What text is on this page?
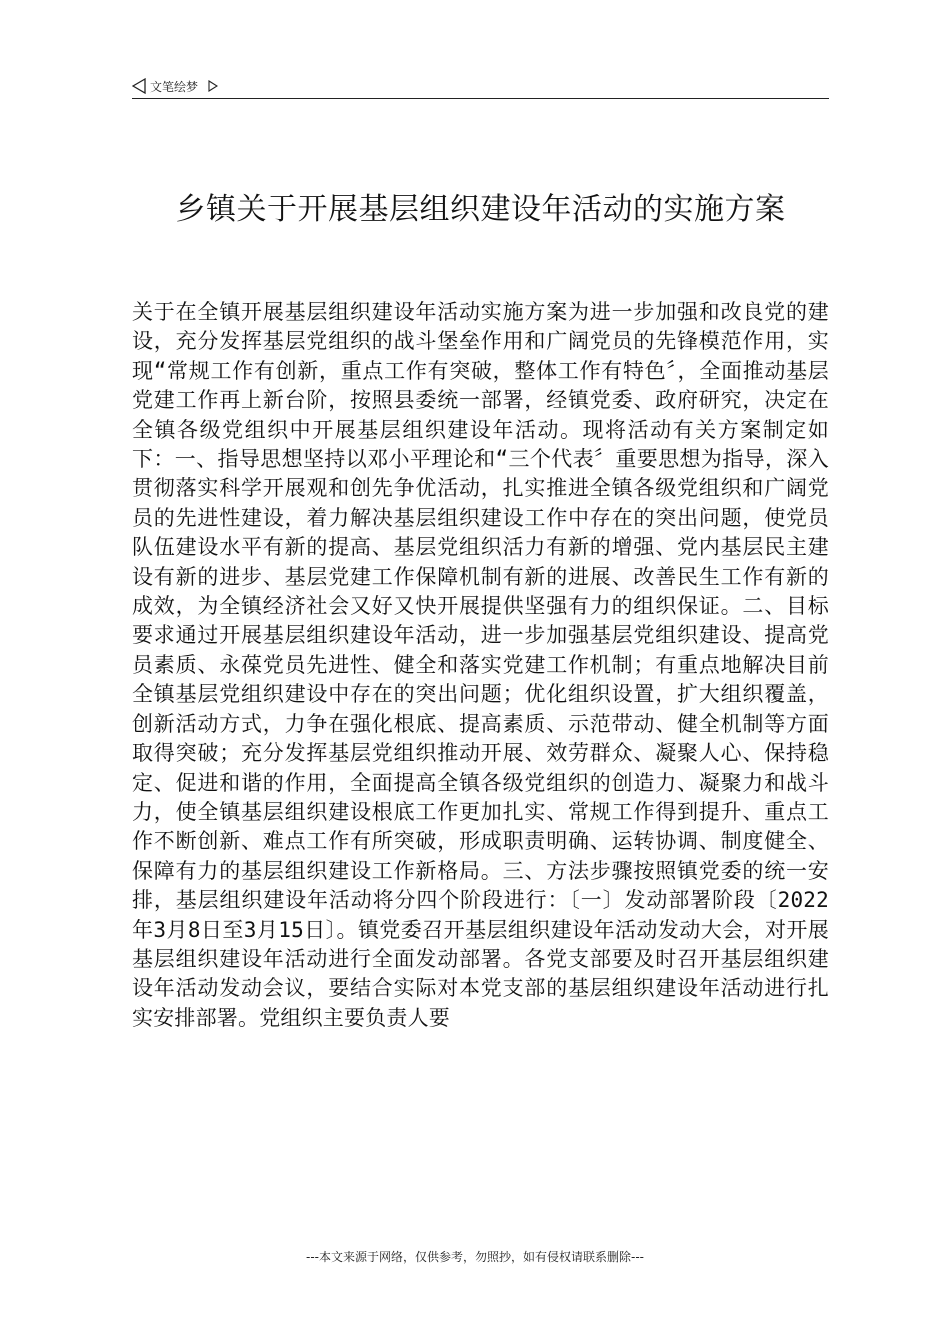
文笔绘梦
乡镇关于开展基层组织建设年活动的实施方案

关于在全镇开展基层组织建设年活动实施方案为进一步加强和改良党的建设，充分发挥基层党组织的战斗堡垒作用和广阔党员的先锋模范作用，实现“常规工作有创新，重点工作有突破，整体工作有特色〞，全面推动基层党建工作再上新台阶，按照县委统一部署，经镇党委、政府研究，决定在全镇各级党组织中开展基层组织建设年活动。现将活动有关方案制定如下：一、指导思想坚持以邓小平理论和“三个代表〞重要思想为指导，深入贯彻落实科学开展观和创先争优活动，扎实推进全镇各级党组织和广阔党员的先进性建设，着力解决基层组织建设工作中存在的突出问题，使党员队伍建设水平有新的提高、基层党组织活力有新的增强、党内基层民主建设有新的进步、基层党建工作保障机制有新的进展、改善民生工作有新的成效，为全镇经济社会又好又快开展提供坚强有力的组织保证。二、目标要求通过开展基层组织建设年活动，进一步加强基层党组织建设、提高党员素质、永葆党员先进性、健全和落实党建工作机制；有重点地解决目前全镇基层党组织建设中存在的突出问题；优化组织设置，扩大组织覆盖，创新活动方式，力争在强化根底、提高素质、示范带动、健全机制等方面取得突破；充分发挥基层党组织推动开展、效劳群众、凝聚人心、保持稳定、促进和谐的作用，全面提高全镇各级党组织的创造力、凝聚力和战斗力，使全镇基层组织建设根底工作更加扎实、常规工作得到提升、重点工作不断创新、难点工作有所突破，形成职责明确、运转协调、制度健全、保障有力的基层组织建设工作新格局。三、方法步骤按照镇党委的统一安排，基层组织建设年活动将分四个阶段进行：〔一〕发动部署阶段〔2022年3月8日至3月15日〕。镇党委召开基层组织建设年活动发动大会，对开展基层组织建设年活动进行全面发动部署。各党支部要及时召开基层组织建设年活动发动会议，要结合实际对本党支部的基层组织建设年活动进行扎实安排部署。党组织主要负责人要

---本文来源于网络，仅供参考，勿照抄，如有侵权请联系删除---
